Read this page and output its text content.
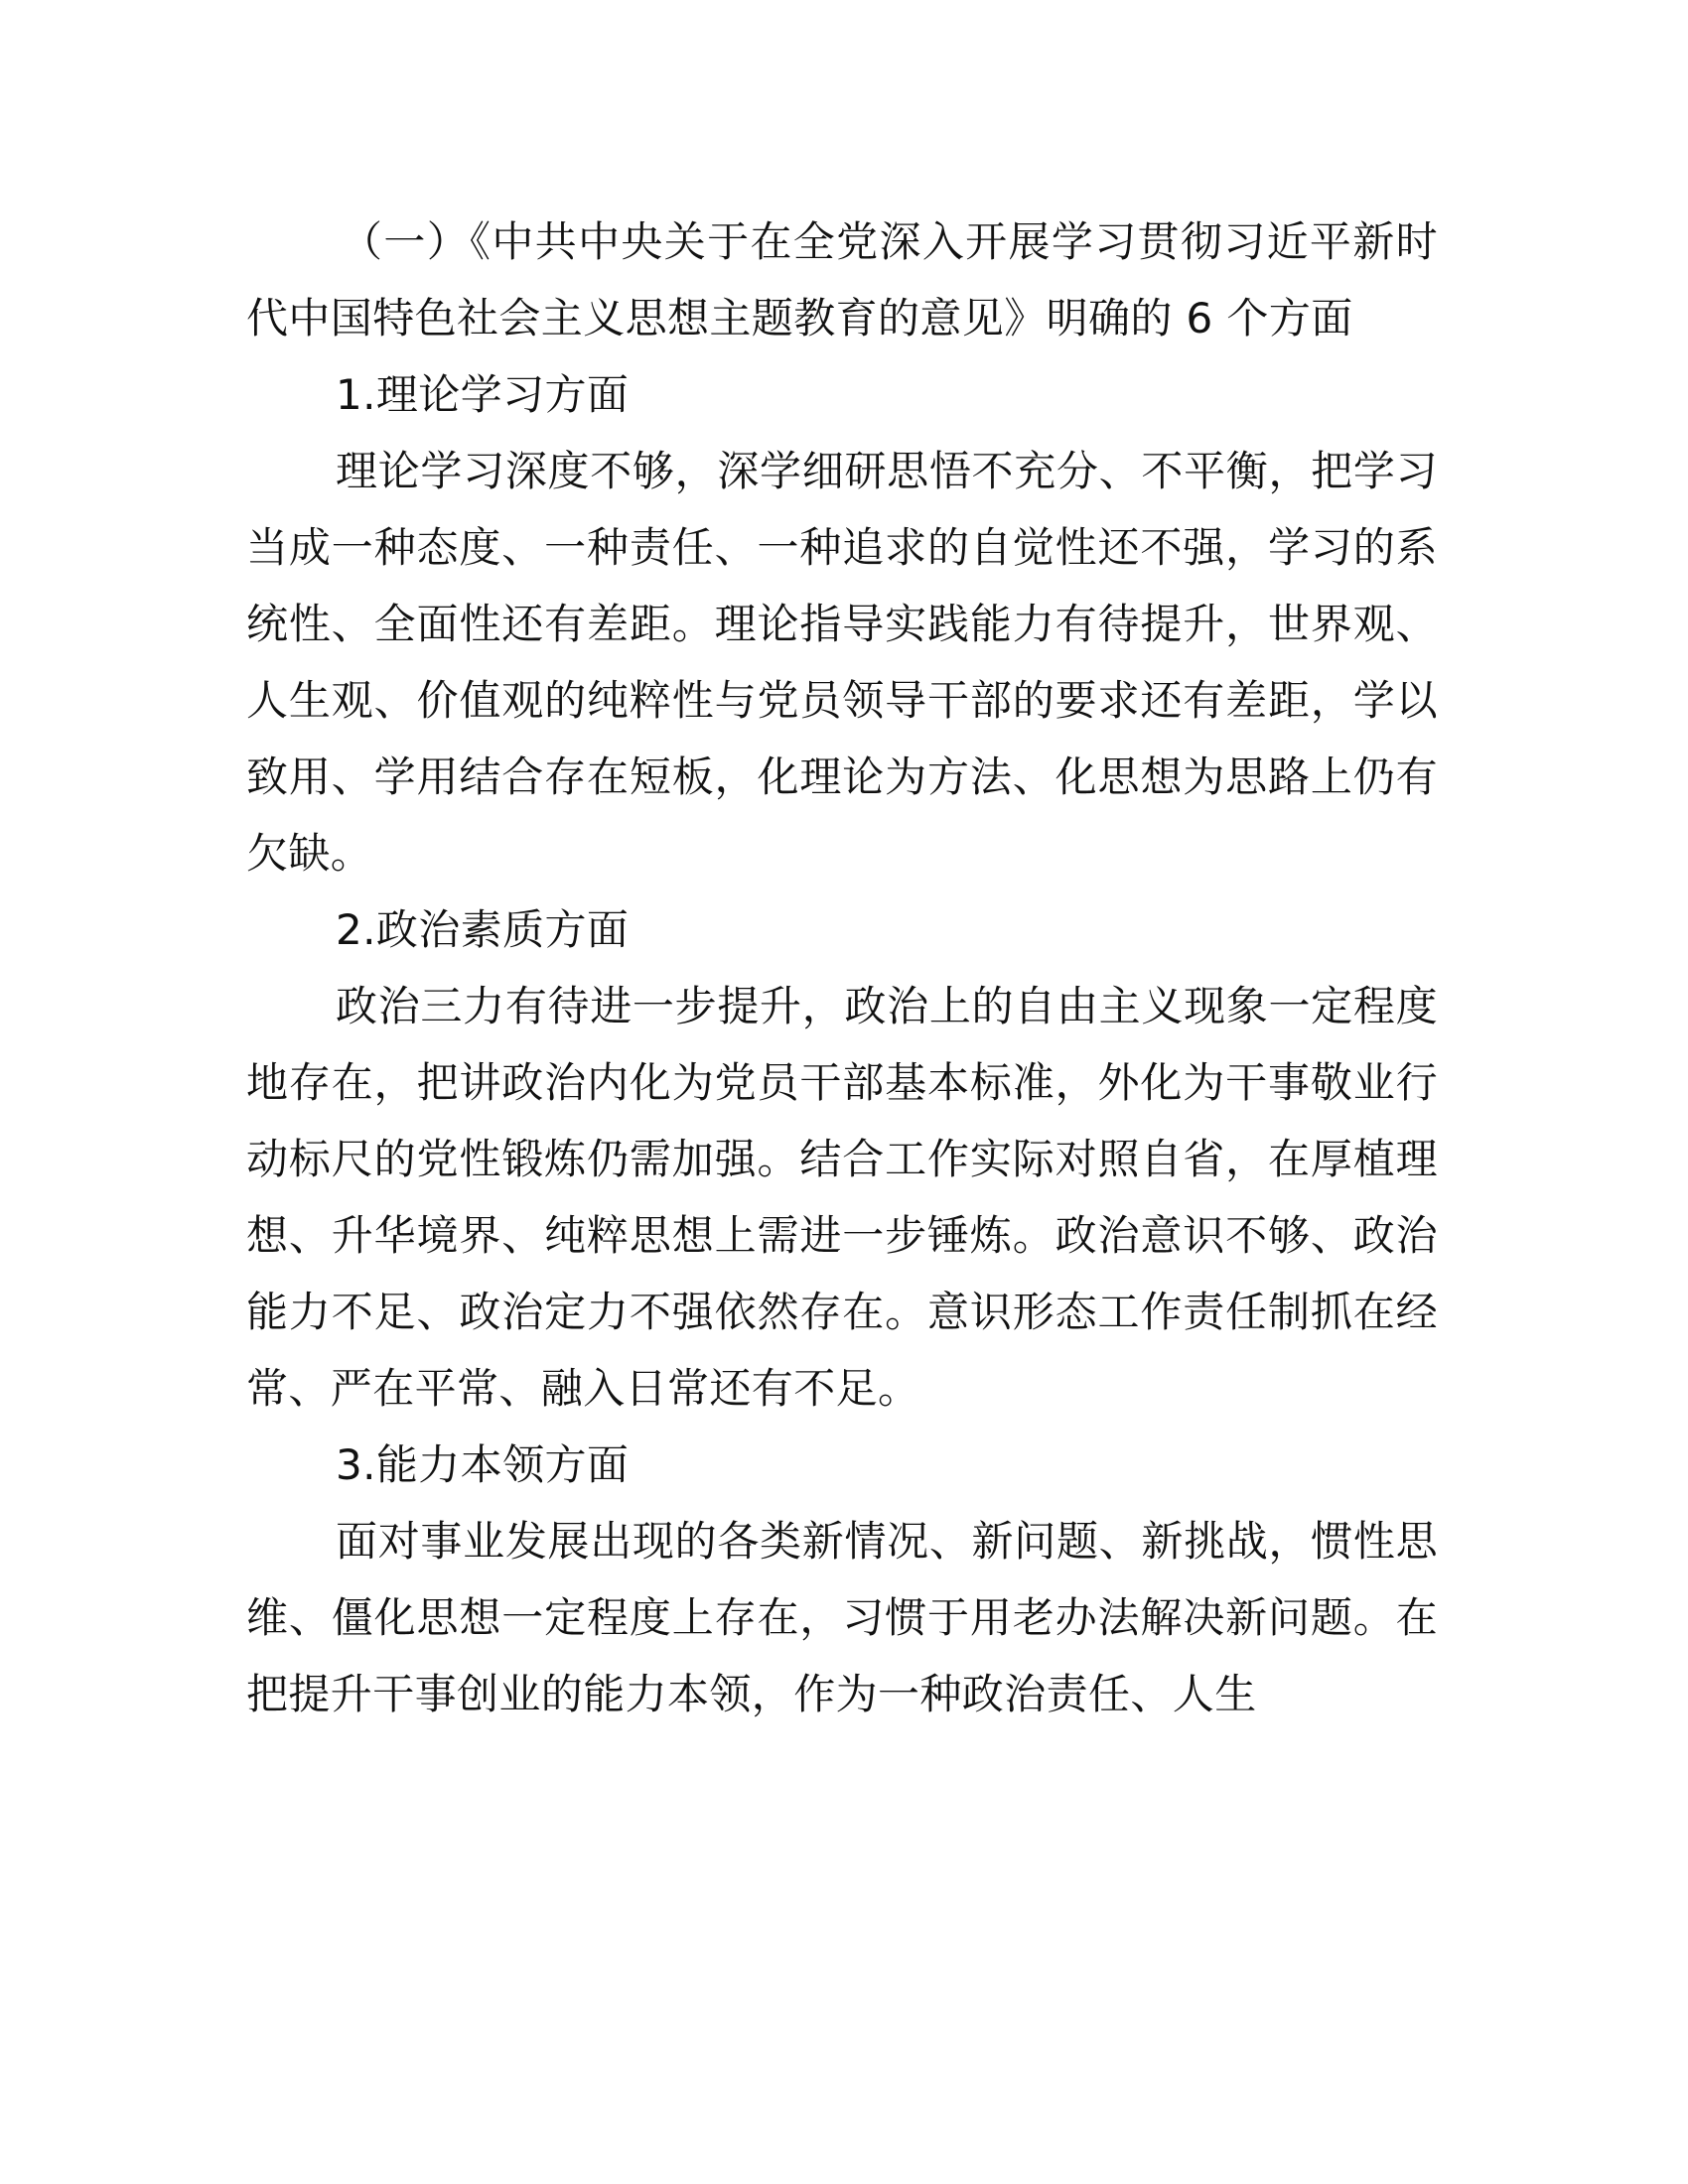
（一）《中共中央关于在全党深入开展学习贯彻习近平新时代中国特色社会主义思想主题教育的意见》明确的 6 个方面

1.理论学习方面

理论学习深度不够，深学细研思悟不充分、不平衡，把学习当成一种态度、一种责任、一种追求的自觉性还不强，学习的系统性、全面性还有差距。理论指导实践能力有待提升，世界观、人生观、价值观的纯粹性与党员领导干部的要求还有差距，学以致用、学用结合存在短板，化理论为方法、化思想为思路上仍有欠缺。

2.政治素质方面

政治三力有待进一步提升，政治上的自由主义现象一定程度地存在，把讲政治内化为党员干部基本标准，外化为干事敬业行动标尺的党性锻炼仍需加强。结合工作实际对照自省，在厚植理想、升华境界、纯粹思想上需进一步锤炼。政治意识不够、政治能力不足、政治定力不强依然存在。意识形态工作责任制抓在经常、严在平常、融入日常还有不足。

3.能力本领方面

面对事业发展出现的各类新情况、新问题、新挑战，惯性思维、僵化思想一定程度上存在，习惯于用老办法解决新问题。在把提升干事创业的能力本领，作为一种政治责任、人生
